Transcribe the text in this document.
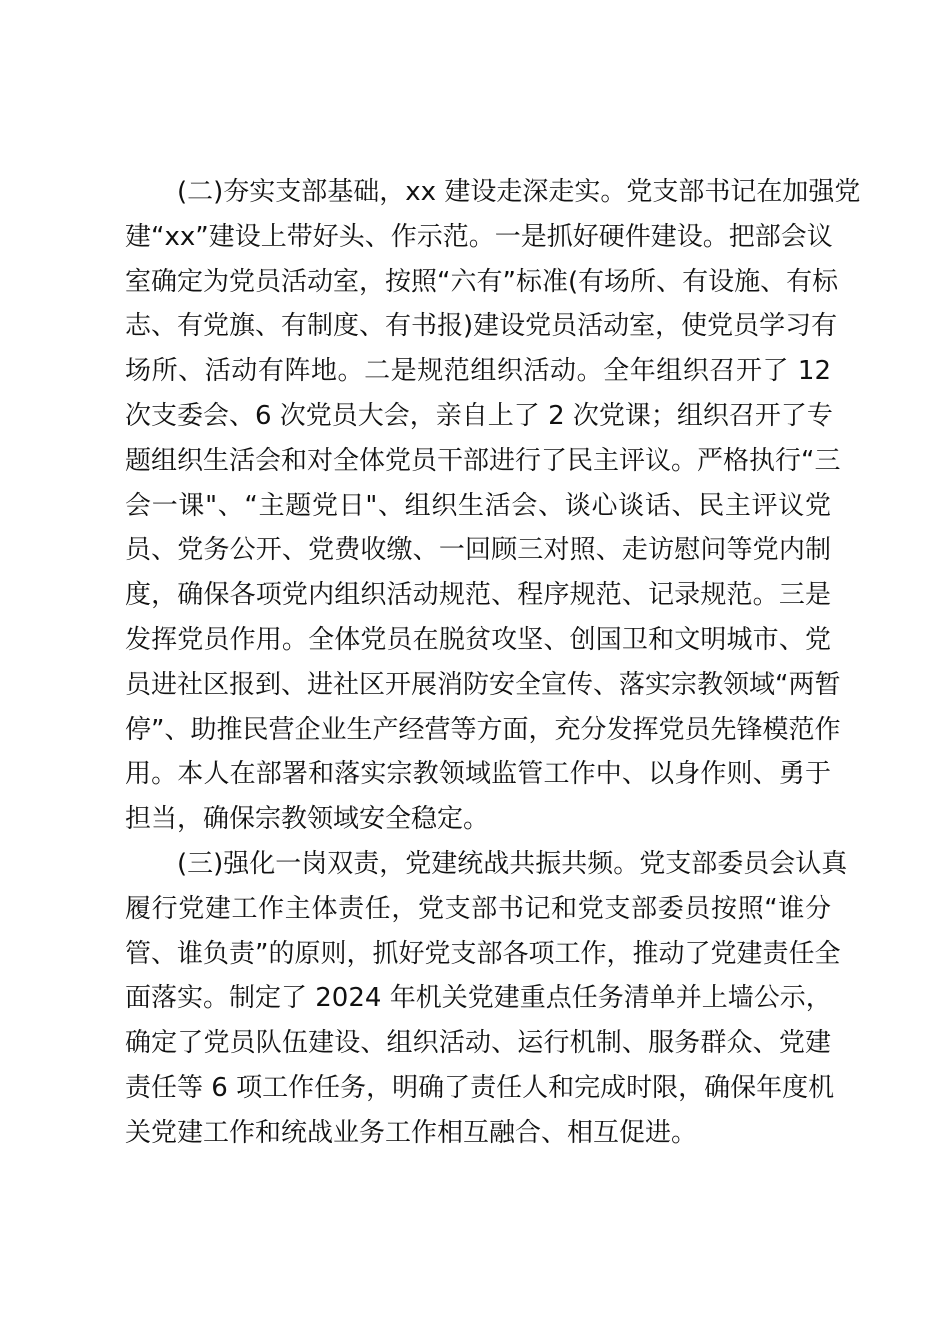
(二)夯实支部基础，xx 建设走深走实。党支部书记在加强党
建“xx”建设上带好头、作示范。一是抓好硬件建设。把部会议
室确定为党员活动室，按照“六有”标准(有场所、有设施、有标
志、有党旗、有制度、有书报)建设党员活动室，使党员学习有
场所、活动有阵地。二是规范组织活动。全年组织召开了 12
次支委会、6 次党员大会，亲自上了 2 次党课；组织召开了专
题组织生活会和对全体党员干部进行了民主评议。严格执行“三
会一课"、“主题党日"、组织生活会、谈心谈话、民主评议党
员、党务公开、党费收缴、一回顾三对照、走访慰问等党内制
度，确保各项党内组织活动规范、程序规范、记录规范。三是
发挥党员作用。全体党员在脱贫攻坚、创国卫和文明城市、党
员进社区报到、进社区开展消防安全宣传、落实宗教领域“两暂
停”、助推民营企业生产经营等方面，充分发挥党员先锋模范作
用。本人在部署和落实宗教领域监管工作中、以身作则、勇于
担当，确保宗教领域安全稳定。
(三)强化一岗双责，党建统战共振共频。党支部委员会认真
履行党建工作主体责任，党支部书记和党支部委员按照“谁分
管、谁负责”的原则，抓好党支部各项工作，推动了党建责任全
面落实。制定了 2024 年机关党建重点任务清单并上墙公示，
确定了党员队伍建设、组织活动、运行机制、服务群众、党建
责任等 6 项工作任务，明确了责任人和完成时限，确保年度机
关党建工作和统战业务工作相互融合、相互促进。
